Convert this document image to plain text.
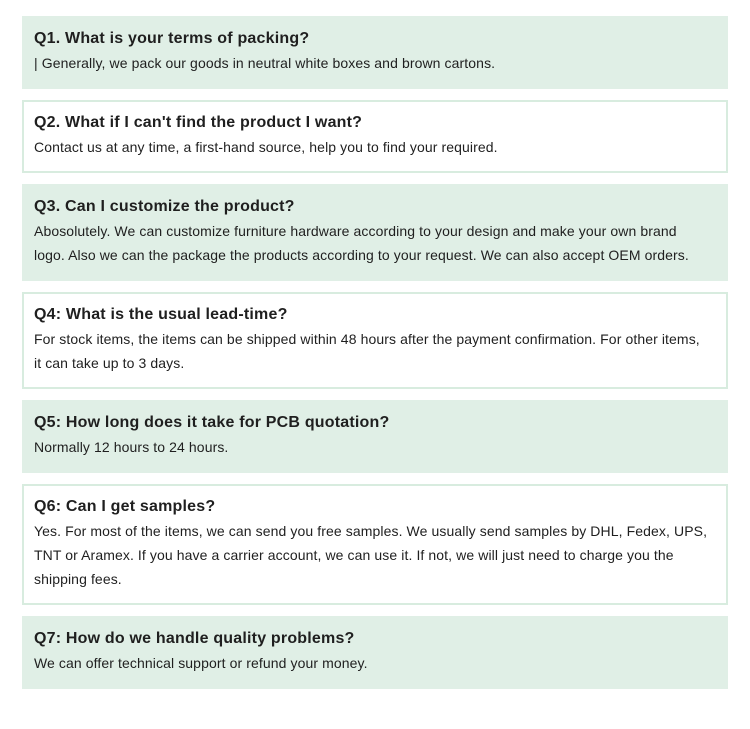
Q1. What is your terms of packing?

| Generally, we pack our goods in neutral white boxes and brown cartons.

Q2. What if I can't find the product I want?

Contact us at any time, a first-hand source, help you to find your required.

Q3. Can I customize the product?

Abosolutely. We can customize furniture hardware according to your design and make your own brand logo. Also we can the package the products according to your request. We can also accept OEM orders.

Q4: What is the usual lead-time?

For stock items, the items can be shipped within 48 hours after the payment confirmation. For other items, it can take up to 3 days.

Q5: How long does it take for PCB quotation?

Normally 12 hours to 24 hours.

Q6: Can I get samples?

Yes. For most of the items, we can send you free samples. We usually send samples by DHL, Fedex, UPS, TNT or Aramex. If you have a carrier account, we can use it. If not, we will just need to charge you the shipping fees.

Q7: How do we handle quality problems?

We can offer technical support or refund your money.
